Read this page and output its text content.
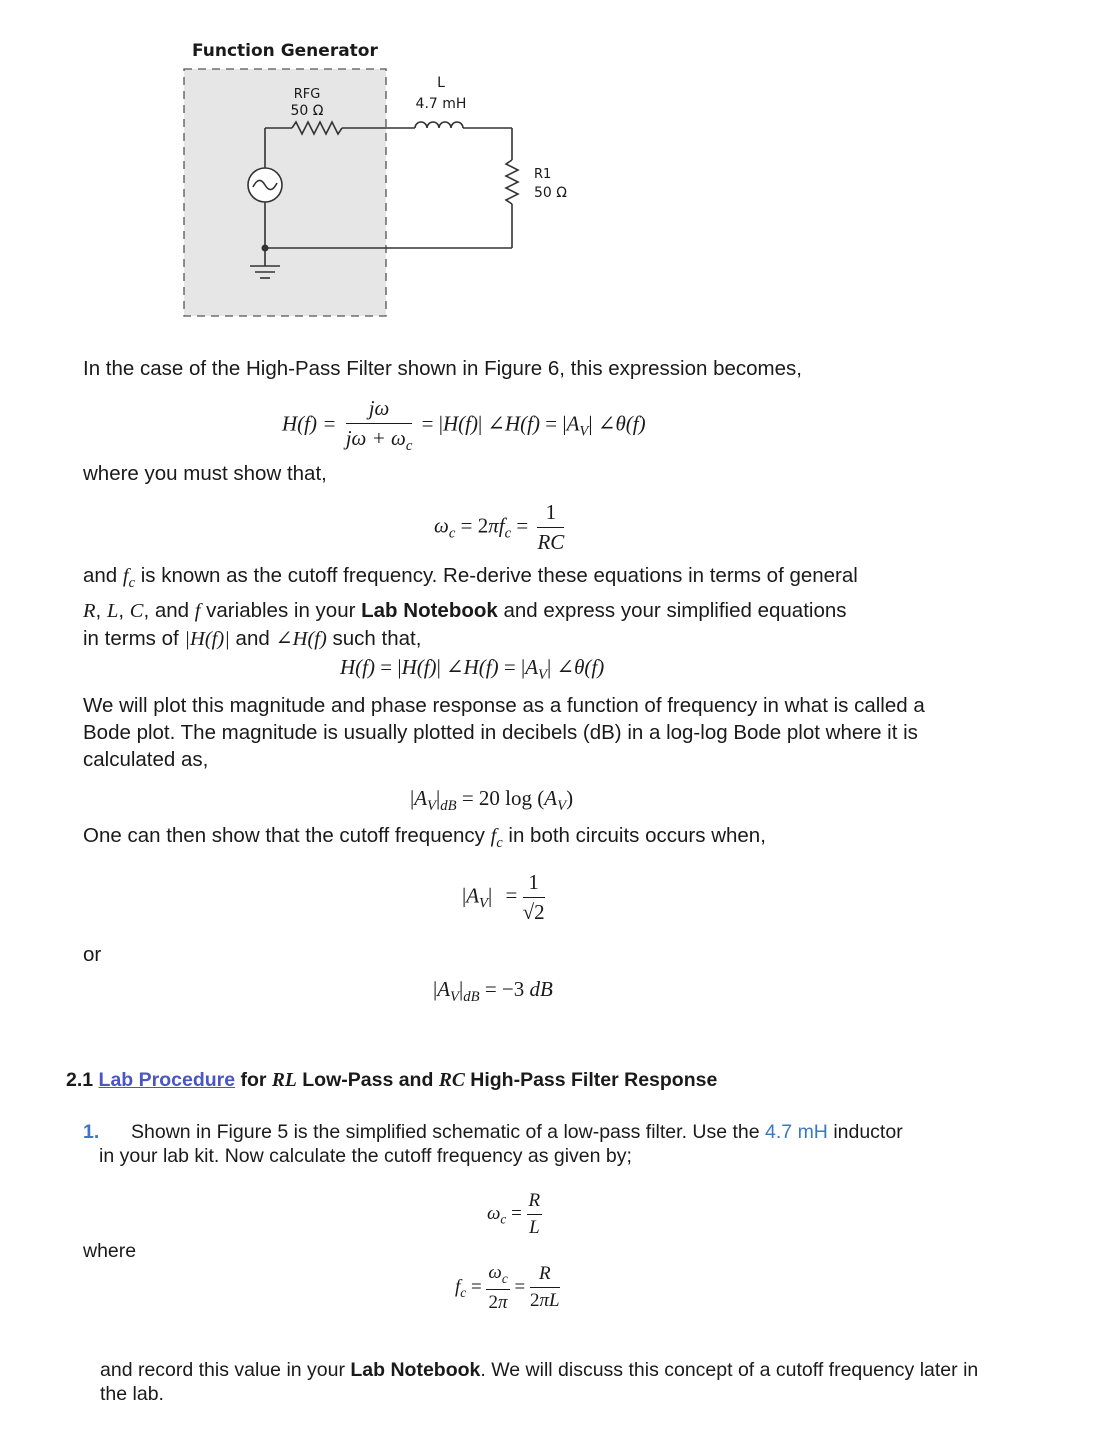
Function Generator
RFG
50 Ω
L
4.7 mH
R1
50 Ω
In the case of the High-Pass Filter shown in Figure 6, this expression becomes,
$H(f) = \frac{j\omega}{j\omega + \omega_c} = |H(f)|$ ∠H(f) = $|A_V|$ ∠θ(f)
where you must show that,
$\omega_c = 2\pi f_c = \frac{1}{RC}$
and $f_c$ is known as the cutoff frequency. Re-derive these equations in terms of general
R, L, C, and f variables in your Lab Notebook and express your simplified equations
in terms of |H(f)| and ∠H(f) such that,
H(f) = |H(f)| ∠H(f) = $|A_V|$ ∠θ(f)
We will plot this magnitude and phase response as a function of frequency in what is called a Bode plot. The magnitude is usually plotted in decibels (dB) in a log-log Bode plot where it is calculated as,
$|A_V|_{dB} = 20$ $\log (A_V)$
One can then show that the cutoff frequency $f_c$ in both circuits occurs when,
$|A_V| = \frac{1}{√2}$
or
$|A_V|_{dB} = -3$ dB
2.1 Lab Procedure for RL Low-Pass and RC High-Pass Filter Response
1. Shown in Figure 5 is the simplified schematic of a low-pass filter. Use the 4.7 mH inductor
in your lab kit. Now calculate the cutoff frequency as given by;
$\omega_c = \frac{R}{L}$
where
$f_c = \frac{\omega_c}{2\pi} = \frac{R}{2\pi L}$
and record this value in your Lab Notebook. We will discuss this concept of a cutoff frequency later in the lab.
